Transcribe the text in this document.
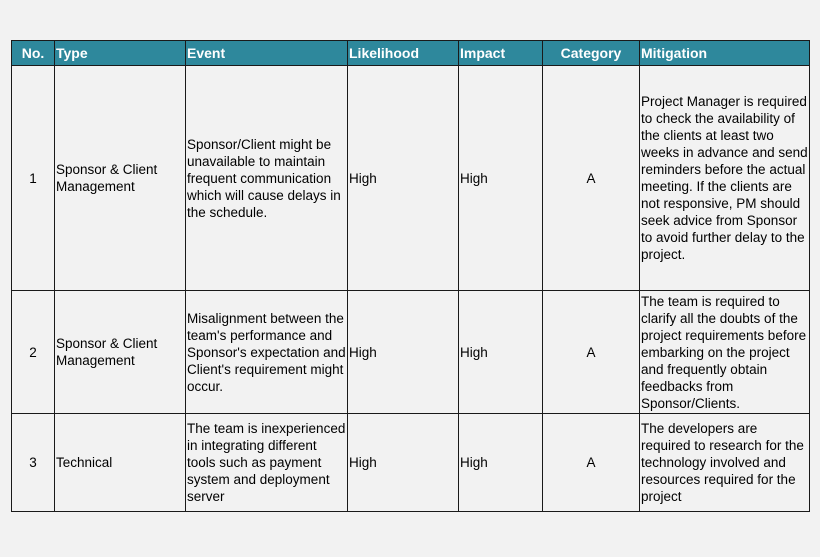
No.	Type	Event	Likelihood	Impact	Category	Mitigation
1	Sponsor & Client Management	Sponsor/Client might be unavailable to maintain frequent communication which will cause delays in the schedule.	High	High	A	Project Manager is required to check the availability of the clients at least two weeks in advance and send reminders before the actual meeting. If the clients are not responsive, PM should seek advice from Sponsor to avoid further delay to the project.
2	Sponsor & Client Management	Misalignment between the team's performance and Sponsor's expectation and Client's requirement might occur.	High	High	A	The team is required to clarify all the doubts of the project requirements before embarking on the project and frequently obtain feedbacks from Sponsor/Clients.
3	Technical	The team is inexperienced in integrating different tools such as payment system and deployment server	High	High	A	The developers are required to research for the technology involved and resources required for the project
